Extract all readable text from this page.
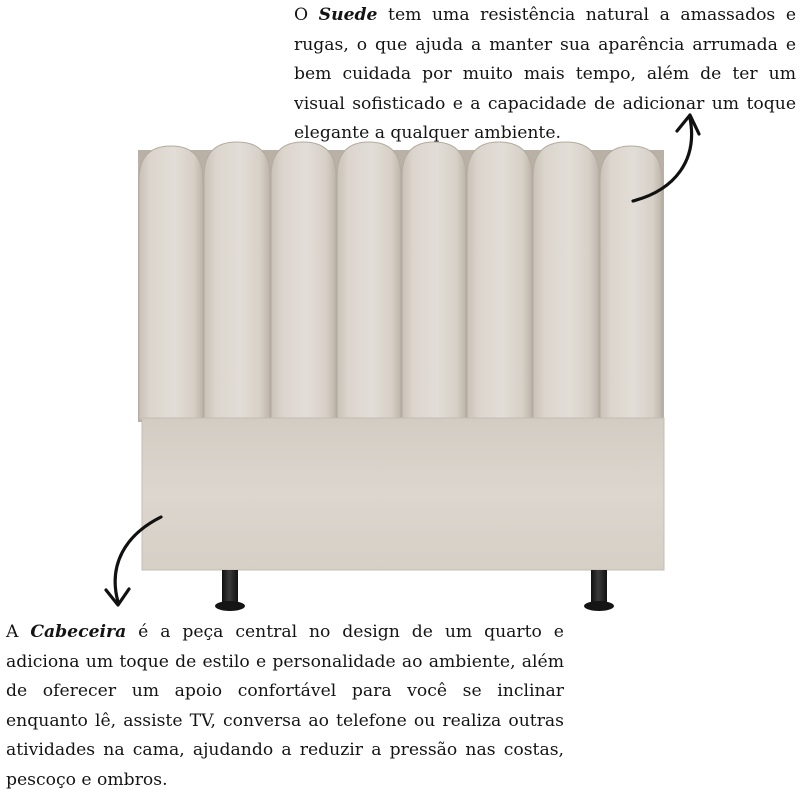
O Suede tem uma resistência natural a amassados e rugas, o que ajuda a manter sua aparência arrumada e bem cuidada por muito mais tempo, além de ter um visual sofisticado e a capacidade de adicionar um toque elegante a qualquer ambiente.

A Cabeceira é a peça central no design de um quarto e adiciona um toque de estilo e personalidade ao ambiente, além de oferecer um apoio confortável para você se inclinar enquanto lê, assiste TV, conversa ao telefone ou realiza outras atividades na cama, ajudando a reduzir a pressão nas costas, pescoço e ombros.
